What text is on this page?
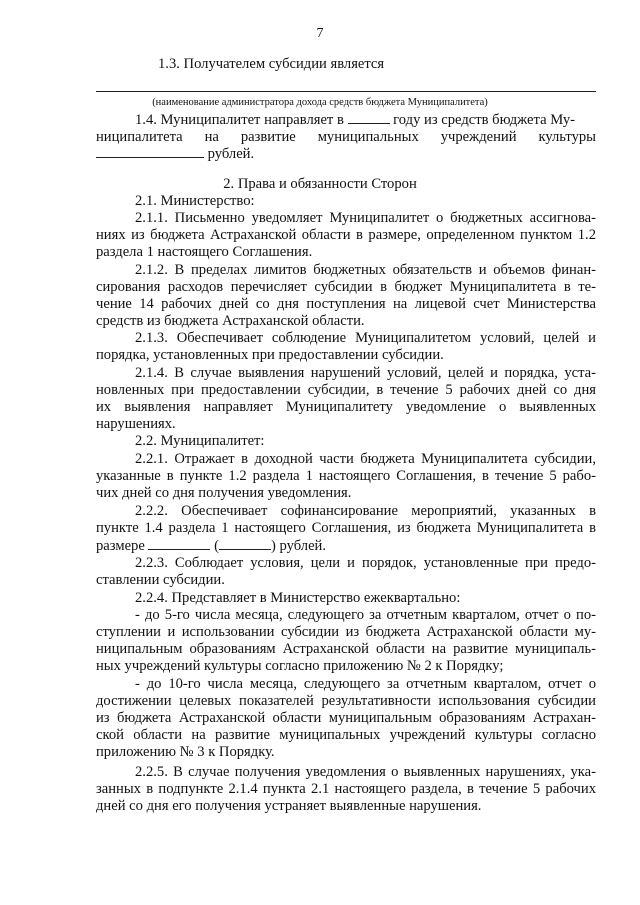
7
1.3. Получателем субсидии является
(наименование администратора дохода средств бюджета Муниципалитета)
1.4. Муниципалитет направляет в	году из средств бюджета Му-
ниципалитета на развитие муниципальных учреждений культуры
рублей.
2. Права и обязанности Сторон
2.1. Министерство:
2.1.1. Письменно уведомляет Муниципалитет о бюджетных ассигнова-
ниях из бюджета Астраханской области в размере, определенном пунктом 1.2
раздела 1 настоящего Соглашения.
2.1.2. В пределах лимитов бюджетных обязательств и объемов финан-
сирования расходов перечисляет субсидии в бюджет Муниципалитета в те-
чение 14 рабочих дней со дня поступления на лицевой счет Министерства
средств из бюджета Астраханской области.
2.1.3. Обеспечивает соблюдение Муниципалитетом условий, целей и
порядка, установленных при предоставлении субсидии.
2.1.4. В случае выявления нарушений условий, целей и порядка, уста-
новленных при предоставлении субсидии, в течение 5 рабочих дней со дня
их выявления направляет Муниципалитету уведомление о выявленных
нарушениях.
2.2. Муниципалитет:
2.2.1. Отражает в доходной части бюджета Муниципалитета субсидии,
указанные в пункте 1.2 раздела 1 настоящего Соглашения, в течение 5 рабо-
чих дней со дня получения уведомления.
2.2.2. Обеспечивает софинансирование мероприятий, указанных в
пункте 1.4 раздела 1 настоящего Соглашения, из бюджета Муниципалитета в
размере	(	) рублей.
2.2.3. Соблюдает условия, цели и порядок, установленные при предо-
ставлении субсидии.
2.2.4. Представляет в Министерство ежеквартально:
- до 5-го числа месяца, следующего за отчетным кварталом, отчет о по-
ступлении и использовании субсидии из бюджета Астраханской области му-
ниципальным образованиям Астраханской области на развитие муниципаль-
ных учреждений культуры согласно приложению № 2 к Порядку;
- до 10-го числа месяца, следующего за отчетным кварталом, отчет о
достижении целевых показателей результативности использования субсидии
из бюджета Астраханской области муниципальным образованиям Астрахан-
ской области на развитие муниципальных учреждений культуры согласно
приложению № 3 к Порядку.
2.2.5. В случае получения уведомления о выявленных нарушениях, ука-
занных в подпункте 2.1.4 пункта 2.1 настоящего раздела, в течение 5 рабочих
дней со дня его получения устраняет выявленные нарушения.
